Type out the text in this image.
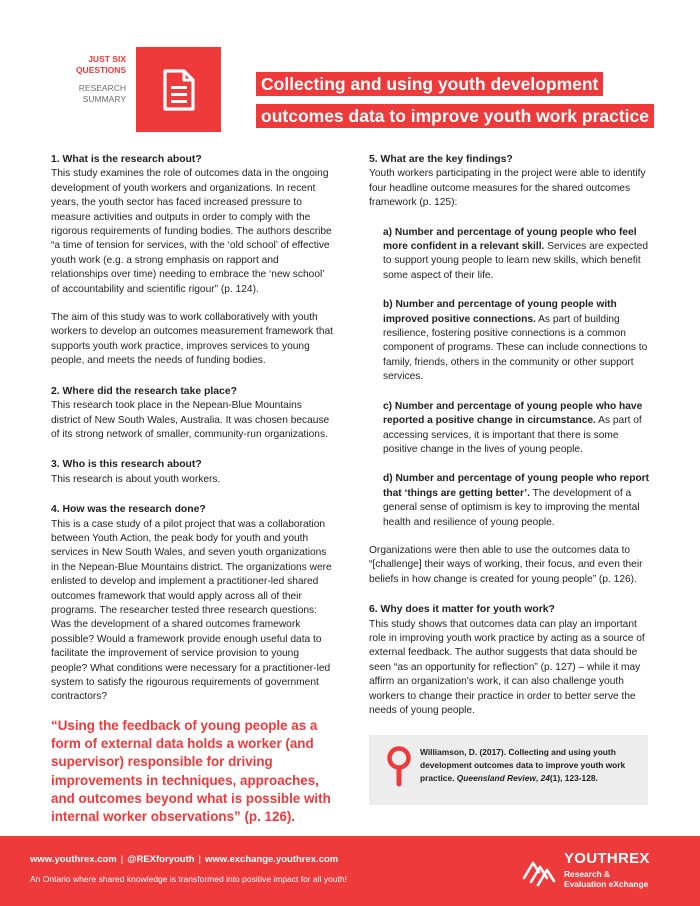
JUST SIX
QUESTIONS
RESEARCH
SUMMARY
Collecting and using youth development
outcomes data to improve youth work practice
1. What is the research about?

This study examines the role of outcomes data in the ongoing development of youth workers and organizations. In recent years, the youth sector has faced increased pressure to measure activities and outputs in order to comply with the rigorous requirements of funding bodies. The authors describe “a time of tension for services, with the ‘old school’ of effective youth work (e.g. a strong emphasis on rapport and relationships over time) needing to embrace the ‘new school’ of accountability and scientific rigour” (p. 124).

The aim of this study was to work collaboratively with youth workers to develop an outcomes measurement framework that supports youth work practice, improves services to young people, and meets the needs of funding bodies.

2. Where did the research take place?

This research took place in the Nepean-Blue Mountains district of New South Wales, Australia. It was chosen because of its strong network of smaller, community-run organizations.

3. Who is this research about?

This research is about youth workers.

4. How was the research done?

This is a case study of a pilot project that was a collaboration between Youth Action, the peak body for youth and youth services in New South Wales, and seven youth organizations in the Nepean-Blue Mountains district. The organizations were enlisted to develop and implement a practitioner-led shared outcomes framework that would apply across all of their programs. The researcher tested three research questions: Was the development of a shared outcomes framework possible? Would a framework provide enough useful data to facilitate the improvement of service provision to young people? What conditions were necessary for a practitioner-led system to satisfy the rigourous requirements of government contractors?

“Using the feedback of young people as a form of external data holds a worker (and supervisor) responsible for driving improvements in techniques, approaches, and outcomes beyond what is possible with internal worker observations” (p. 126).

5. What are the key findings?

Youth workers participating in the project were able to identify four headline outcome measures for the shared outcomes framework (p. 125):

a) Number and percentage of young people who feel more confident in a relevant skill. Services are expected to support young people to learn new skills, which benefit some aspect of their life.

b) Number and percentage of young people with improved positive connections. As part of building resilience, fostering positive connections is a common component of programs. These can include connections to family, friends, others in the community or other support services.

c) Number and percentage of young people who have reported a positive change in circumstance. As part of accessing services, it is important that there is some positive change in the lives of young people.

d) Number and percentage of young people who report that ‘things are getting better’. The development of a general sense of optimism is key to improving the mental health and resilience of young people.

Organizations were then able to use the outcomes data to “[challenge] their ways of working, their focus, and even their beliefs in how change is created for young people” (p. 126).

6. Why does it matter for youth work?

This study shows that outcomes data can play an important role in improving youth work practice by acting as a source of external feedback. The author suggests that data should be seen “as an opportunity for reflection” (p. 127) – while it may affirm an organization's work, it can also challenge youth workers to change their practice in order to better serve the needs of young people.

Williamson, D. (2017). Collecting and using youth development outcomes data to improve youth work practice. Queensland Review, 24(1), 123-128.
www.youthrex.com | @REXforyouth | www.exchange.youthrex.com
An Ontario where shared knowledge is transformed into positive impact for all youth!
YOUTHREX
Research &
Evaluation eXchange
